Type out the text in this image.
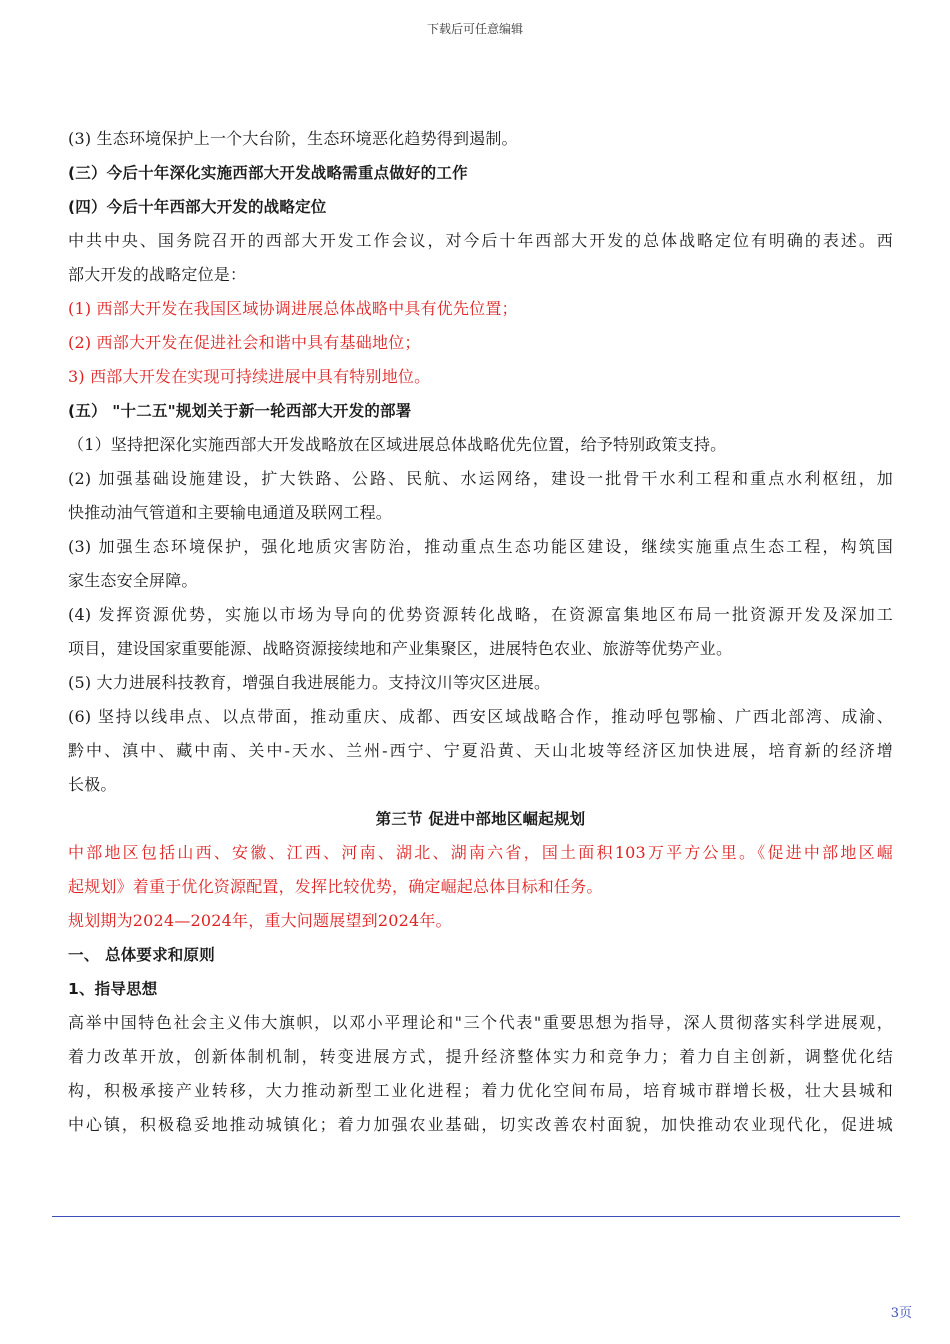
下载后可任意编辑
(3) 生态环境保护上一个大台阶，生态环境恶化趋势得到遏制。
(三）今后十年深化实施西部大开发战略需重点做好的工作
(四）今后十年西部大开发的战略定位
中共中央、国务院召开的西部大开发工作会议，对今后十年西部大开发的总体战略定位有明确的表述。西
部大开发的战略定位是：
(1) 西部大开发在我国区域协调进展总体战略中具有优先位置；
(2) 西部大开发在促进社会和谐中具有基础地位；
3) 西部大开发在实现可持续进展中具有特别地位。
(五） "十二五"规划关于新一轮西部大开发的部署
（1）坚持把深化实施西部大开发战略放在区域进展总体战略优先位置，给予特别政策支持。
(2) 加强基础设施建设，扩大铁路、公路、民航、水运网络，建设一批骨干水利工程和重点水利枢纽，加
快推动油气管道和主要输电通道及联网工程。
(3) 加强生态环境保护，强化地质灾害防治，推动重点生态功能区建设，继续实施重点生态工程，构筑国
家生态安全屏障。
(4) 发挥资源优势，实施以市场为导向的优势资源转化战略，在资源富集地区布局一批资源开发及深加工
项目，建设国家重要能源、战略资源接续地和产业集聚区，进展特色农业、旅游等优势产业。
(5) 大力进展科技教育，增强自我进展能力。支持汶川等灾区进展。
(6) 坚持以线串点、以点带面，推动重庆、成都、西安区域战略合作，推动呼包鄂榆、广西北部湾、成渝、
黔中、滇中、藏中南、关中-天水、兰州-西宁、宁夏沿黄、天山北坡等经济区加快进展，培育新的经济增
长极。
第三节 促进中部地区崛起规划
中部地区包括山西、安徽、江西、河南、湖北、湖南六省，国土面积103万平方公里。《促进中部地区崛
起规划》着重于优化资源配置，发挥比较优势，确定崛起总体目标和任务。
规划期为2024—2024年，重大问题展望到2024年。
一、 总体要求和原则
1、指导思想
高举中国特色社会主义伟大旗帜，以邓小平理论和"三个代表"重要思想为指导，深人贯彻落实科学进展观，
着力改革开放，创新体制机制，转变进展方式，提升经济整体实力和竞争力；着力自主创新，调整优化结
构，积极承接产业转移，大力推动新型工业化进程；着力优化空间布局，培育城市群增长极，壮大县城和
中心镇，积极稳妥地推动城镇化；着力加强农业基础，切实改善农村面貌，加快推动农业现代化，促进城
3页
